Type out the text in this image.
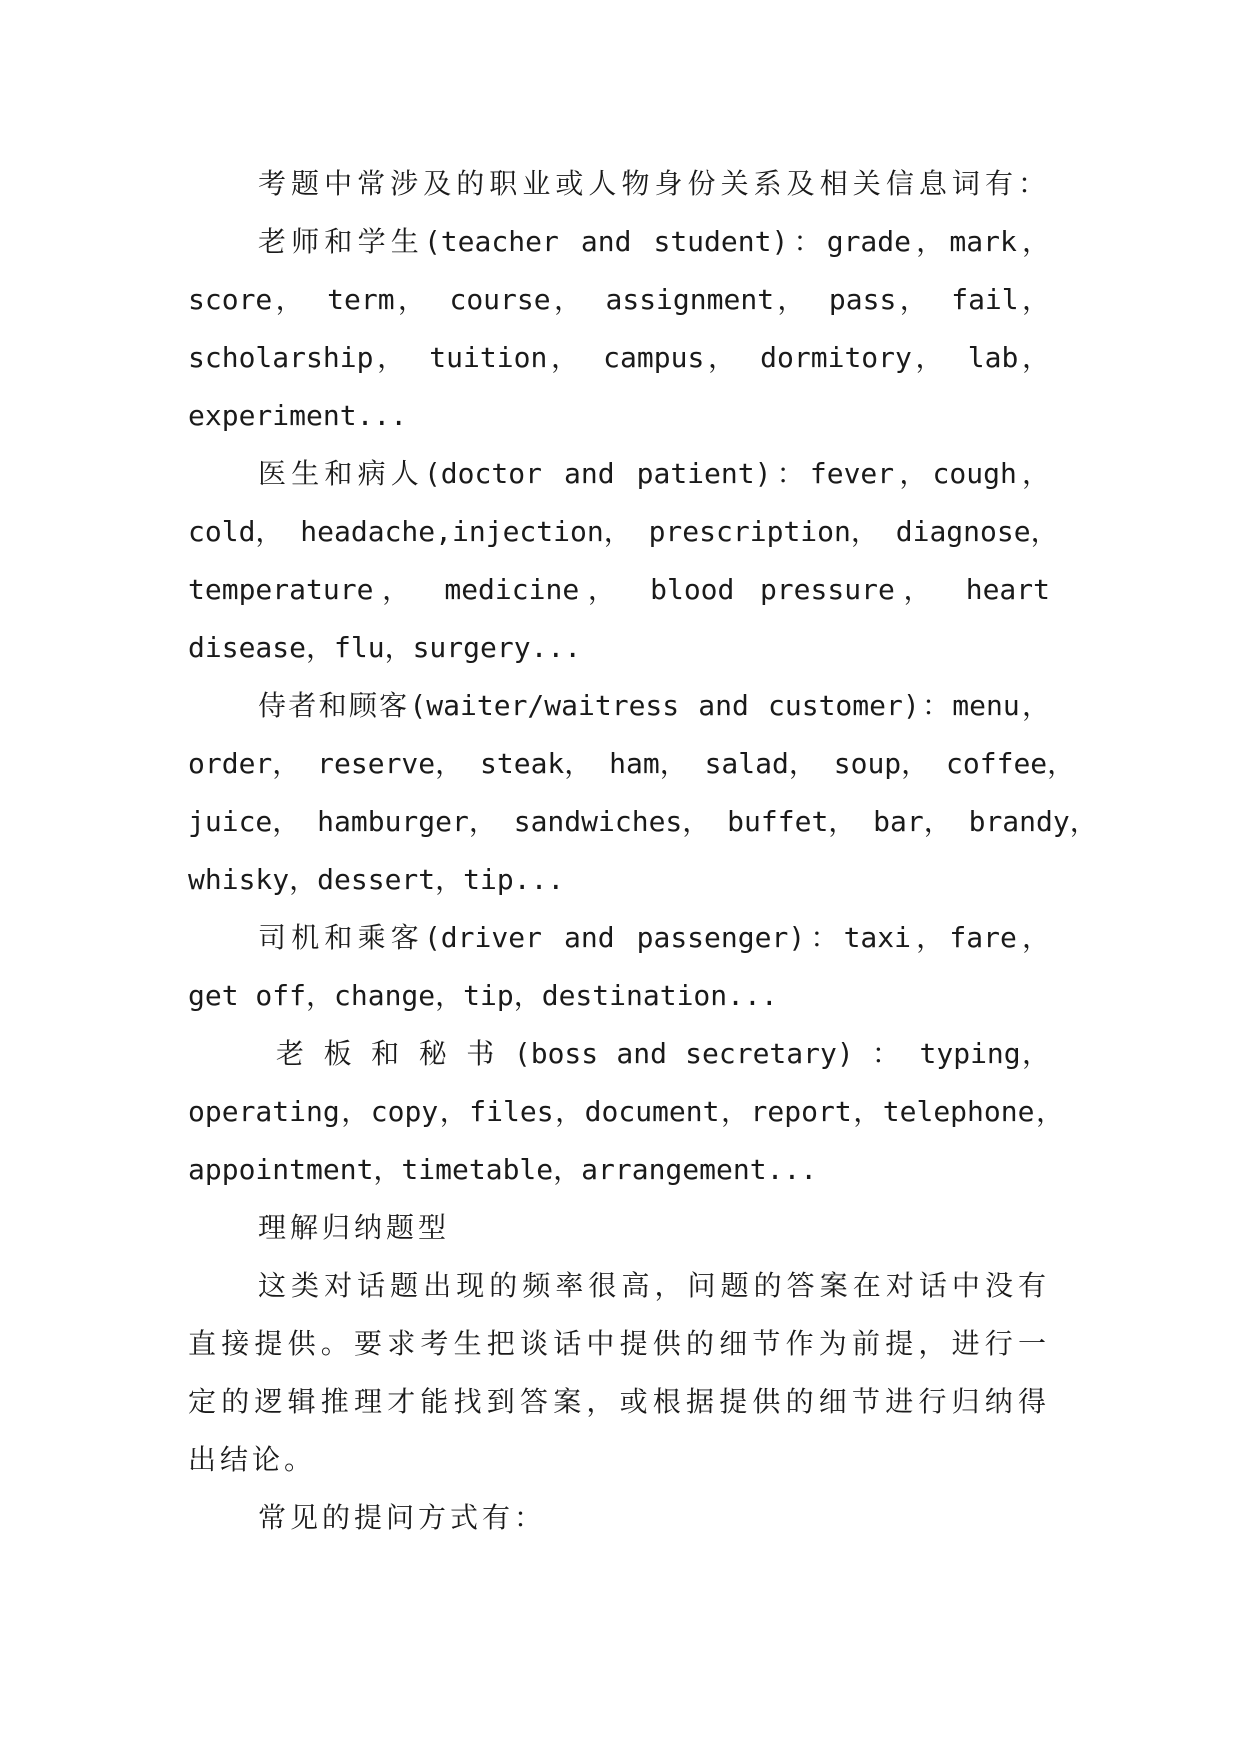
考题中常涉及的职业或人物身份关系及相关信息词有：
老师和学生(teacher and student)：grade，mark，
score， term， course， assignment， pass， fail，
scholarship， tuition， campus， dormitory， lab，
experiment...
医生和病人(doctor and patient)：fever，cough，
cold， headache,injection， prescription， diagnose，
temperature， medicine， blood pressure， heart
disease，flu，surgery...
侍者和顾客(waiter/waitress and customer)：menu，
order， reserve， steak， ham， salad， soup， coffee，
juice， hamburger， sandwiches， buffet， bar， brandy，
whisky，dessert，tip...
司机和乘客(driver and passenger)：taxi，fare，
get off，change，tip，destination...
老 板 和 秘 书 (boss and secretary) ： typing，
operating，copy，files，document，report，telephone，
appointment，timetable，arrangement...
理解归纳题型
这类对话题出现的频率很高，问题的答案在对话中没有
直接提供。要求考生把谈话中提供的细节作为前提，进行一
定的逻辑推理才能找到答案，或根据提供的细节进行归纳得
出结论。
常见的提问方式有：
